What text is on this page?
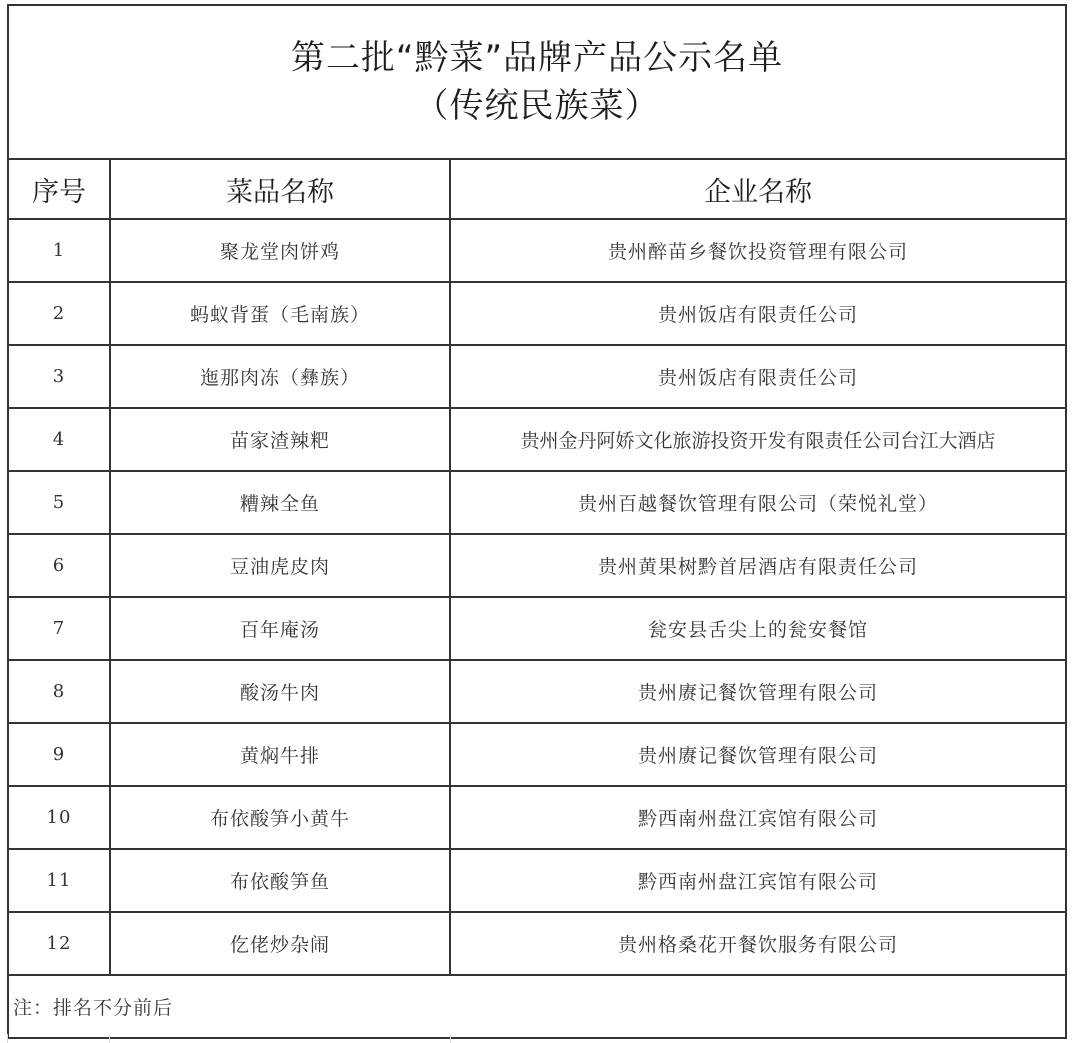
第二批“黔菜”品牌产品公示名单
（传统民族菜）
序号	菜品名称	企业名称
1	聚龙堂肉饼鸡	贵州醉苗乡餐饮投资管理有限公司
2	蚂蚁背蛋（毛南族）	贵州饭店有限责任公司
3	迤那肉冻（彝族）	贵州饭店有限责任公司
4	苗家渣辣粑	贵州金丹阿娇文化旅游投资开发有限责任公司台江大酒店
5	糟辣全鱼	贵州百越餐饮管理有限公司（荣悦礼堂）
6	豆油虎皮肉	贵州黄果树黔首居酒店有限责任公司
7	百年庵汤	瓮安县舌尖上的瓮安餐馆
8	酸汤牛肉	贵州赓记餐饮管理有限公司
9	黄焖牛排	贵州赓记餐饮管理有限公司
10	布依酸笋小黄牛	黔西南州盘江宾馆有限公司
11	布依酸笋鱼	黔西南州盘江宾馆有限公司
12	仡佬炒杂闹	贵州格桑花开餐饮服务有限公司
注：排名不分前后		
